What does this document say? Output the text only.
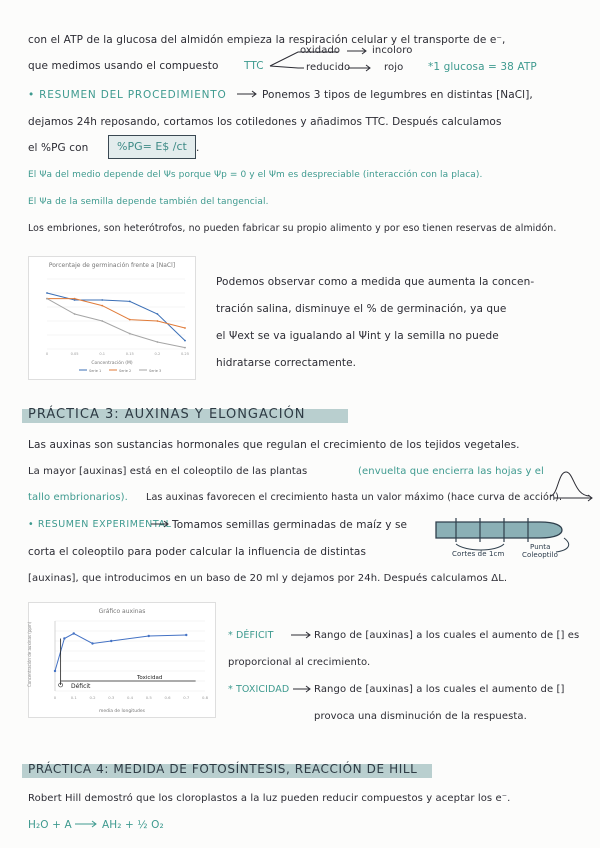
con el ATP de la glucosa del almidón empieza la respiración celular y el transporte de e⁻,
que medimos usando el compuesto TTC
oxidado	incoloro
reducido	rojo *1 glucosa = 38 ATP
• RESUMEN DEL PROCEDIMIENTO	Ponemos 3 tipos de legumbres en distintas [NaCl],
dejamos 24h reposando, cortamos los cotiledones y añadimos TTC. Después calculamos
el %PG con	%PG= E$ /ct .
El Ψa del medio depende del Ψs porque Ψp = 0 y el Ψm es despreciable (interacción con la placa).
El Ψa de la semilla depende también del tangencial.
Los embriones, son heterótrofos, no pueden fabricar su propio alimento y por eso tienen reservas de almidón.
Porcentaje de germinación frente a [NaCl]
0	0.05	0.1	0.15	0.2	0.25
Serie 1	Serie 2	Serie 3
Concentración (M)
Podemos observar como a medida que aumenta la concen-
tración salina, disminuye el % de germinación, ya que
el Ψext se va igualando al Ψint y la semilla no puede
hidratarse correctamente.
PRÁCTICA 3: AUXINAS Y ELONGACIÓN
Las auxinas son sustancias hormonales que regulan el crecimiento de los tejidos vegetales.
La mayor [auxinas] está en el coleoptilo de las plantas	(envuelta que encierra las hojas y el
tallo embrionarios). Las auxinas favorecen el crecimiento hasta un valor máximo (hace curva de acción).
• RESUMEN EXPERIMENTAL Tomamos semillas germinadas de maíz y se
corta el coleoptilo para poder calcular la influencia de distintas
[auxinas], que introducimos en un baso de 20 ml y dejamos por 24h. Después calculamos ΔL.
Cortes de 1cm
Punta
Coleoptilo
Gráfico auxinas
0	0.1	0.2	0.3	0.4	0.5	0.6	0.7	0.8
media de longitudes
Concentración de auxinas (ppm)	Déficit
Toxicidad
* DÉFICIT	Rango de [auxinas] a los cuales el aumento de [] es
proporcional al crecimiento.
* TOXICIDAD Rango de [auxinas] a los cuales el aumento de []
provoca una disminución de la respuesta.
PRÁCTICA 4: MEDIDA DE FOTOSÍNTESIS, REACCIÓN DE HILL
Robert Hill demostró que los cloroplastos a la luz pueden reducir compuestos y aceptar los e⁻.
H₂O + A	AH₂ + ½ O₂
